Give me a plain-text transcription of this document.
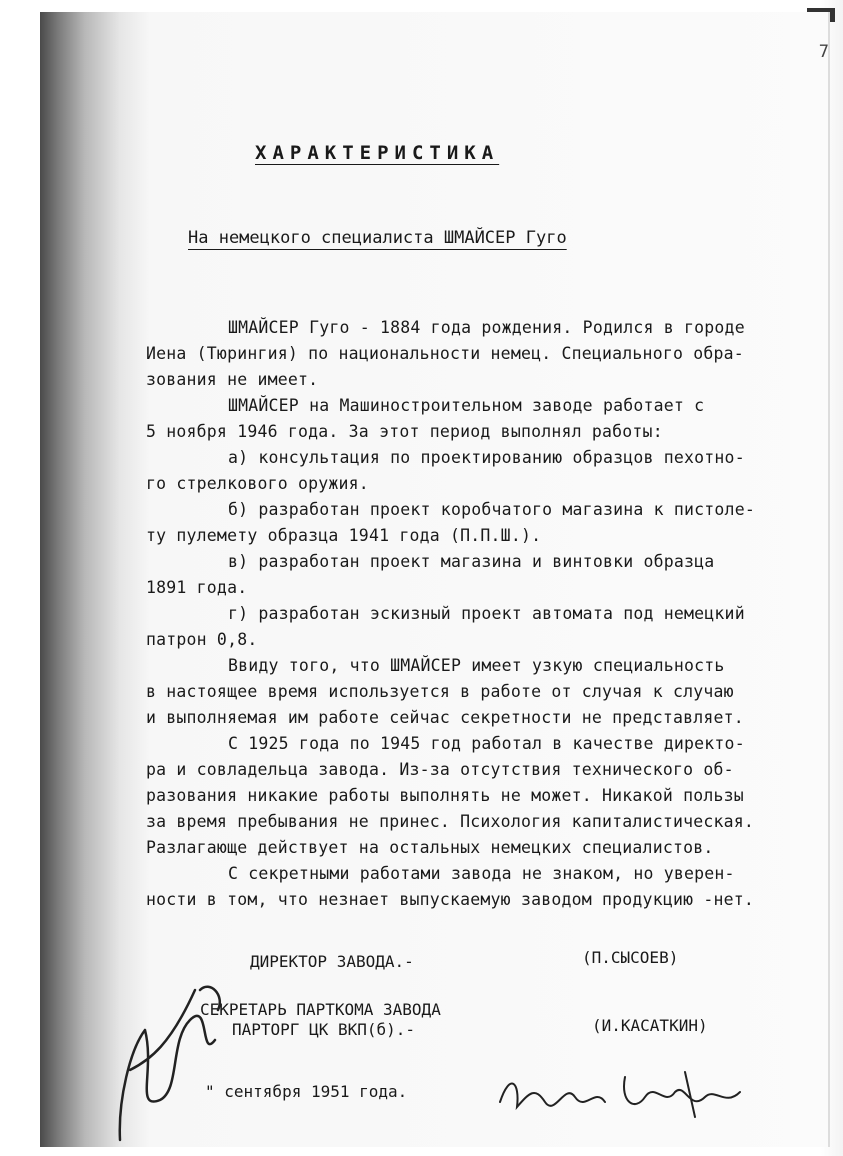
7
ХАРАКТЕРИСТИКА
На немецкого специалиста ШМАЙСЕР Гуго
ШМАЙСЕР Гуго - 1884 года рождения. Родился в городе
Иена (Тюрингия) по национальности немец. Специального обра-
зования не имеет.
ШМАЙСЕР на Машиностроительном заводе работает с
5 ноября 1946 года. За этот период выполнял работы:
а) консультация по проектированию образцов пехотно-
го стрелкового оружия.
б) разработан проект коробчатого магазина к пистоле-
ту пулемету образца 1941 года (П.П.Ш.).
в) разработан проект магазина и винтовки образца
1891 года.
г) разработан эскизный проект автомата под немецкий
патрон 0,8.
Ввиду того, что ШМАЙСЕР имеет узкую специальность
в настоящее время используется в работе от случая к случаю
и выполняемая им работе сейчас секретности не представляет.
С 1925 года по 1945 год работал в качестве директо-
ра и совладельца завода. Из-за отсутствия технического об-
разования никакие работы выполнять не может. Никакой пользы
за время пребывания не принес. Психология капиталистическая.
Разлагающе действует на остальных немецких специалистов.
С секретными работами завода не знаком, но уверен-
ности в том, что незнает выпускаемую заводом продукцию -нет.
ДИРЕКТОР ЗАВОДА.-	(П.СЫСОЕВ)
СЕКРЕТАРЬ ПАРТКОМА ЗАВОДА
ПАРТОРГ ЦК ВКП(б).-	(И.КАСАТКИН)
" сентября 1951 года.
